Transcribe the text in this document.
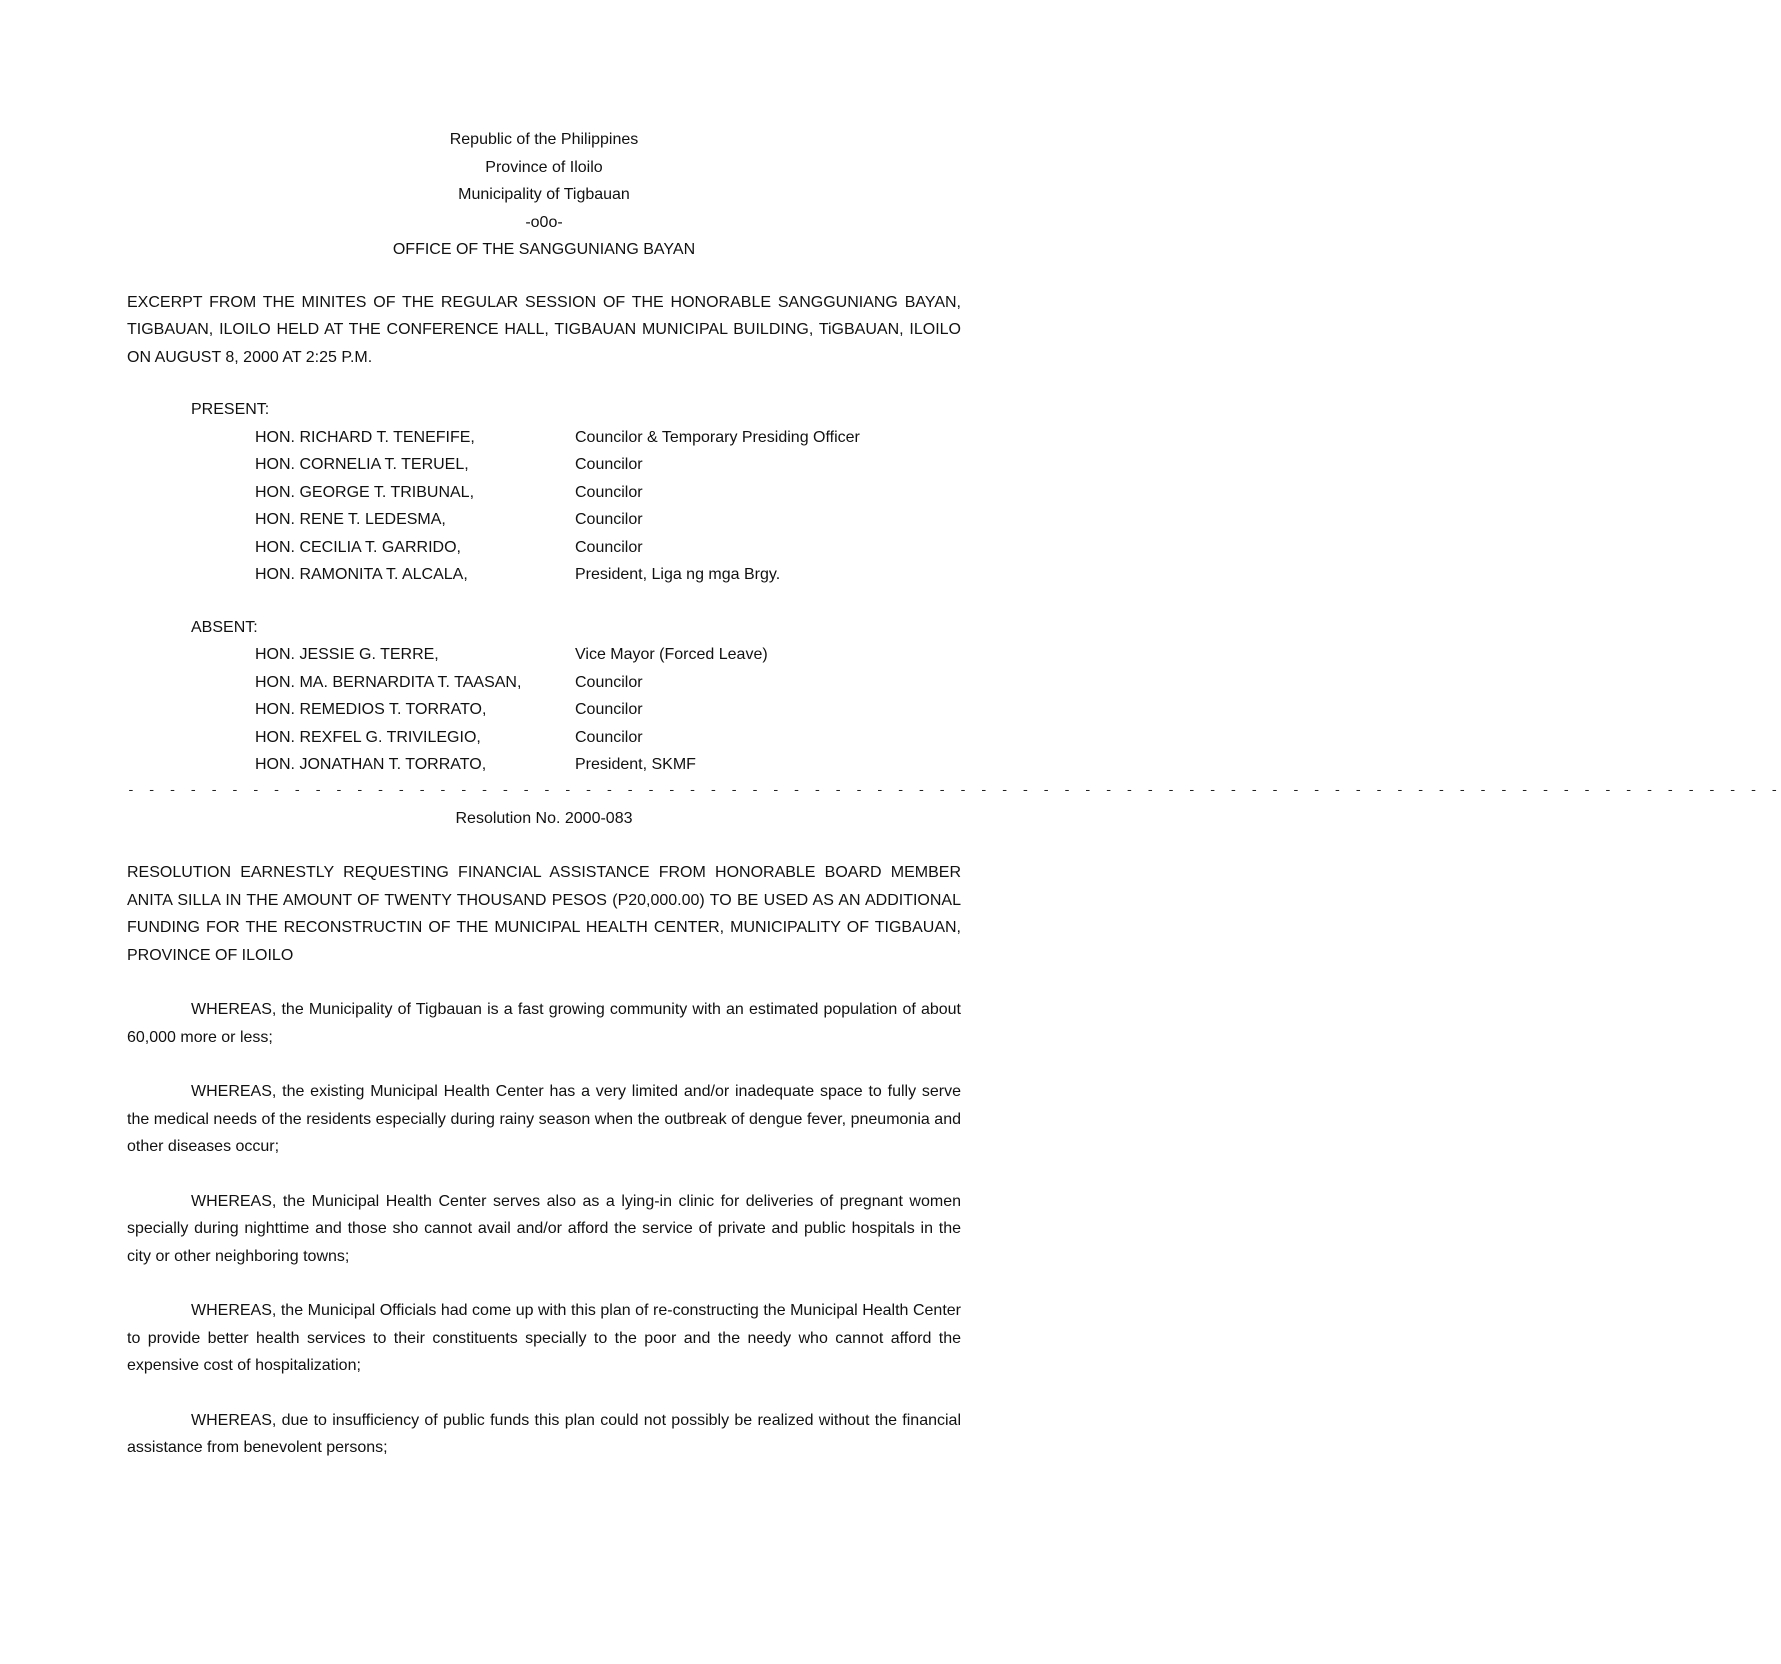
Republic of the Philippines
Province of Iloilo
Municipality of Tigbauan
-o0o-
OFFICE OF THE SANGGUNIANG BAYAN
EXCERPT FROM THE MINITES OF THE REGULAR SESSION OF THE HONORABLE SANGGUNIANG BAYAN, TIGBAUAN, ILOILO HELD AT THE CONFERENCE HALL, TIGBAUAN MUNICIPAL BUILDING, TiGBAUAN, ILOILO ON AUGUST 8, 2000 AT 2:25 P.M.
PRESENT:
HON. RICHARD T. TENEFIFE,	Councilor & Temporary Presiding Officer
HON. CORNELIA T. TERUEL,	Councilor
HON. GEORGE T. TRIBUNAL,	Councilor
HON. RENE T. LEDESMA,	Councilor
HON. CECILIA T. GARRIDO,	Councilor
HON. RAMONITA T. ALCALA,	President, Liga ng mga Brgy.
ABSENT:
HON. JESSIE G. TERRE,	Vice Mayor (Forced Leave)
HON. MA. BERNARDITA T. TAASAN,	Councilor
HON. REMEDIOS T. TORRATO,	Councilor
HON. REXFEL G. TRIVILEGIO,	Councilor
HON. JONATHAN T. TORRATO,	President, SKMF
- - - - - - - - - - - - - - - - - - - - - - - - - - - - - - - - - - - - - - - - - - - - - - - - - - - - - - - - - - - - - - - - - - - - - - - - - - - - - - - -
Resolution No. 2000-083
RESOLUTION EARNESTLY REQUESTING FINANCIAL ASSISTANCE FROM HONORABLE BOARD MEMBER ANITA SILLA IN THE AMOUNT OF TWENTY THOUSAND PESOS (P20,000.00) TO BE USED AS AN ADDITIONAL FUNDING FOR THE RECONSTRUCTIN OF THE MUNICIPAL HEALTH CENTER, MUNICIPALITY OF TIGBAUAN, PROVINCE OF ILOILO
WHEREAS, the Municipality of Tigbauan is a fast growing community with an estimated population of about 60,000 more or less;
WHEREAS, the existing Municipal Health Center has a very limited and/or inadequate space to fully serve the medical needs of the residents especially during rainy season when the outbreak of dengue fever, pneumonia and other diseases occur;
WHEREAS, the Municipal Health Center serves also as a lying-in clinic for deliveries of pregnant women specially during nighttime and those sho cannot avail and/or afford the service of private and public hospitals in the city or other neighboring towns;
WHEREAS, the Municipal Officials had come up with this plan of re-constructing the Municipal Health Center to provide better health services to their constituents specially to the poor and the needy who cannot afford the expensive cost of hospitalization;
WHEREAS, due to insufficiency of public funds this plan could not possibly be realized without the financial assistance from benevolent persons;
